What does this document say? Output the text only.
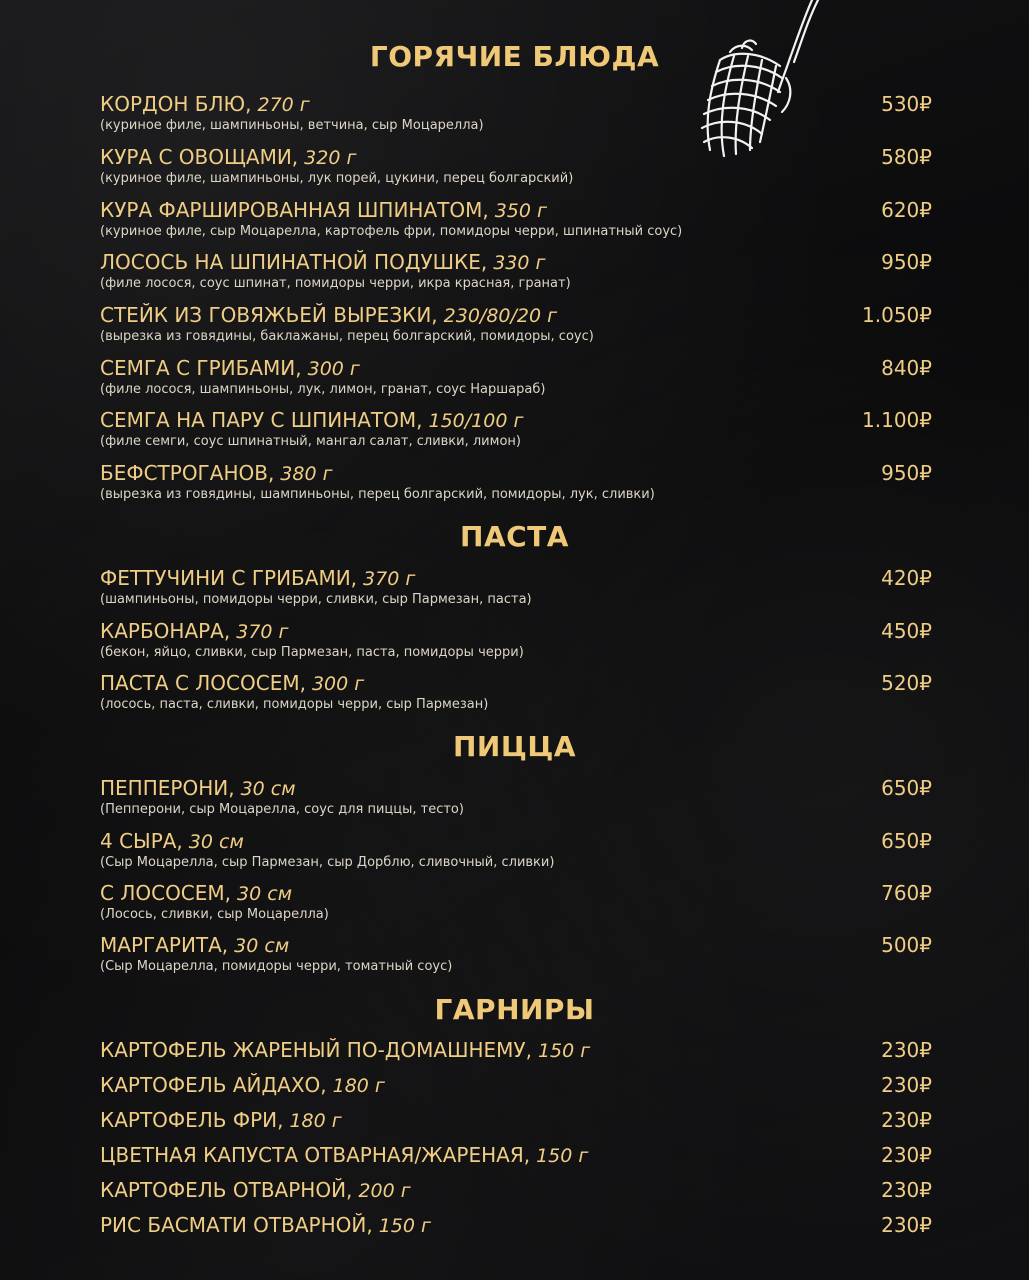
ГОРЯЧИЕ БЛЮДА
КОРДОН БЛЮ, 270 г	530₽
(куриное филе, шампиньоны, ветчина, сыр Моцарелла)
КУРА С ОВОЩАМИ, 320 г	580₽
(куриное филе, шампиньоны, лук порей, цукини, перец болгарский)
КУРА ФАРШИРОВАННАЯ ШПИНАТОМ, 350 г	620₽
(куриное филе, сыр Моцарелла, картофель фри, помидоры черри, шпинатный соус)
ЛОСОСЬ НА ШПИНАТНОЙ ПОДУШКЕ, 330 г	950₽
(филе лосося, соус шпинат, помидоры черри, икра красная, гранат)
СТЕЙК ИЗ ГОВЯЖЬЕЙ ВЫРЕЗКИ, 230/80/20 г	1.050₽
(вырезка из говядины, баклажаны, перец болгарский, помидоры, соус)
СЕМГА С ГРИБАМИ, 300 г	840₽
(филе лосося, шампиньоны, лук, лимон, гранат, соус Наршараб)
СЕМГА НА ПАРУ С ШПИНАТОМ, 150/100 г	1.100₽
(филе семги, соус шпинатный, мангал салат, сливки, лимон)
БЕФСТРОГАНОВ, 380 г	950₽
(вырезка из говядины, шампиньоны, перец болгарский, помидоры, лук, сливки)
ПАСТА
ФЕТТУЧИНИ С ГРИБАМИ, 370 г	420₽
(шампиньоны, помидоры черри, сливки, сыр Пармезан, паста)
КАРБОНАРА, 370 г	450₽
(бекон, яйцо, сливки, сыр Пармезан, паста, помидоры черри)
ПАСТА С ЛОСОСЕМ, 300 г	520₽
(лосось, паста, сливки, помидоры черри, сыр Пармезан)
ПИЦЦА
ПЕППЕРОНИ, 30 см	650₽
(Пепперони, сыр Моцарелла, соус для пиццы, тесто)
4 СЫРА, 30 см	650₽
(Сыр Моцарелла, сыр Пармезан, сыр Дорблю, сливочный, сливки)
С ЛОСОСЕМ, 30 см	760₽
(Лосось, сливки, сыр Моцарелла)
МАРГАРИТА, 30 см	500₽
(Сыр Моцарелла, помидоры черри, томатный соус)
ГАРНИРЫ
КАРТОФЕЛЬ ЖАРЕНЫЙ ПО-ДОМАШНЕМУ, 150 г	230₽
КАРТОФЕЛЬ АЙДАХО, 180 г	230₽
КАРТОФЕЛЬ ФРИ, 180 г	230₽
ЦВЕТНАЯ КАПУСТА ОТВАРНАЯ/ЖАРЕНАЯ, 150 г	230₽
КАРТОФЕЛЬ ОТВАРНОЙ, 200 г	230₽
РИС БАСМАТИ ОТВАРНОЙ, 150 г	230₽
